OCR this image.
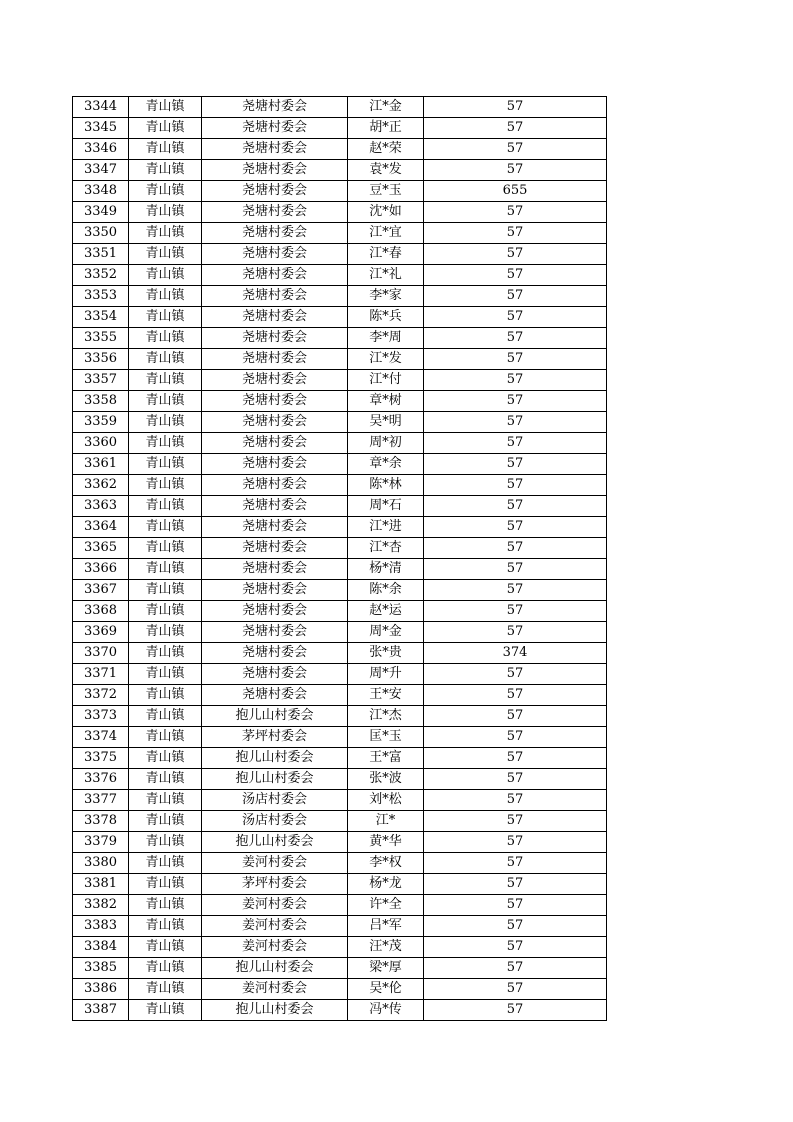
3344	青山镇	尧塘村委会	江*金	57
3345	青山镇	尧塘村委会	胡*正	57
3346	青山镇	尧塘村委会	赵*荣	57
3347	青山镇	尧塘村委会	袁*发	57
3348	青山镇	尧塘村委会	豆*玉	655
3349	青山镇	尧塘村委会	沈*如	57
3350	青山镇	尧塘村委会	江*宜	57
3351	青山镇	尧塘村委会	江*春	57
3352	青山镇	尧塘村委会	江*礼	57
3353	青山镇	尧塘村委会	李*家	57
3354	青山镇	尧塘村委会	陈*兵	57
3355	青山镇	尧塘村委会	李*周	57
3356	青山镇	尧塘村委会	江*发	57
3357	青山镇	尧塘村委会	江*付	57
3358	青山镇	尧塘村委会	章*树	57
3359	青山镇	尧塘村委会	吴*明	57
3360	青山镇	尧塘村委会	周*初	57
3361	青山镇	尧塘村委会	章*余	57
3362	青山镇	尧塘村委会	陈*林	57
3363	青山镇	尧塘村委会	周*石	57
3364	青山镇	尧塘村委会	江*进	57
3365	青山镇	尧塘村委会	江*杏	57
3366	青山镇	尧塘村委会	杨*清	57
3367	青山镇	尧塘村委会	陈*余	57
3368	青山镇	尧塘村委会	赵*运	57
3369	青山镇	尧塘村委会	周*金	57
3370	青山镇	尧塘村委会	张*贵	374
3371	青山镇	尧塘村委会	周*升	57
3372	青山镇	尧塘村委会	王*安	57
3373	青山镇	抱儿山村委会	江*杰	57
3374	青山镇	茅坪村委会	匡*玉	57
3375	青山镇	抱儿山村委会	王*富	57
3376	青山镇	抱儿山村委会	张*波	57
3377	青山镇	汤店村委会	刘*松	57
3378	青山镇	汤店村委会	江*	57
3379	青山镇	抱儿山村委会	黄*华	57
3380	青山镇	姜河村委会	李*权	57
3381	青山镇	茅坪村委会	杨*龙	57
3382	青山镇	姜河村委会	许*全	57
3383	青山镇	姜河村委会	吕*军	57
3384	青山镇	姜河村委会	汪*茂	57
3385	青山镇	抱儿山村委会	梁*厚	57
3386	青山镇	姜河村委会	吴*伦	57
3387	青山镇	抱儿山村委会	冯*传	57
